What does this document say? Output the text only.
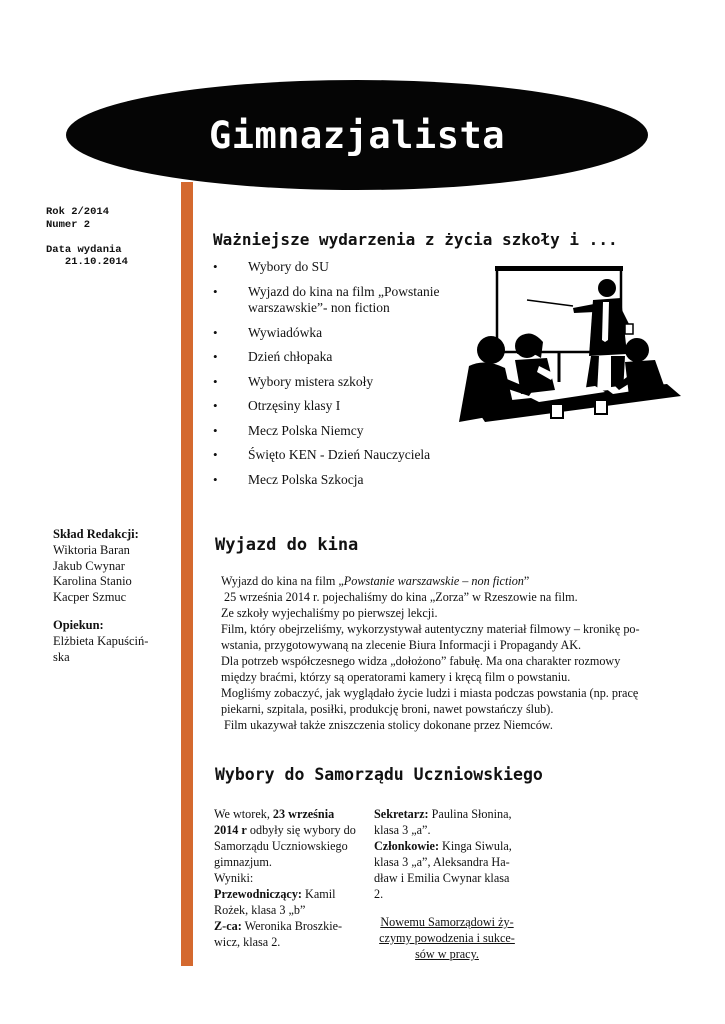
Gimnazjalista
Rok 2/2014
Numer 2

Data wydania
21.10.2014
Ważniejsze wydarzenia z życia szkoły i ...
• Wybory do SU
• Wyjazd do kina na film „Powstanie warszawskie”- non fiction
• Wywiadówka
• Dzień chłopaka
• Wybory mistera szkoły
• Otrzęsiny klasy I
• Mecz Polska Niemcy
• Święto KEN - Dzień Nauczyciela
• Mecz Polska Szkocja
Wyjazd do kina

Wyjazd do kina na film „Powstanie warszawskie – non fiction”

25 września 2014 r. pojechaliśmy do kina „Zorza” w Rzeszowie na film.

Ze szkoły wyjechaliśmy po pierwszej lekcji.

Film, który obejrzeliśmy, wykorzystywał autentyczny materiał filmowy – kronikę po-

wstania, przygotowywaną na zlecenie Biura Informacji i Propagandy AK.

Dla potrzeb współczesnego widza „dołożono” fabułę. Ma ona charakter rozmowy

między braćmi, którzy są operatorami kamery i kręcą film o powstaniu.

Mogliśmy zobaczyć, jak wyglądało życie ludzi i miasta podczas powstania (np. pracę

piekarni, szpitala, posiłki, produkcję broni, nawet powstańczy ślub).

Film ukazywał także zniszczenia stolicy dokonane przez Niemców.

Skład Redakcji:
Wiktoria Baran
Jakub Cwynar
Karolina Stanio
Kacper Szmuc
Opiekun:
Elżbieta Kapuściń-
ska
Wybory do Samorządu Uczniowskiego
We wtorek, 23 września 2014 r odbyły się wybory do Samorządu Uczniowskiego gimnazjum.
Wyniki:
Przewodniczący: Kamil Rożek, klasa 3 „b”
Z-ca: Weronika Broszkie-wicz, klasa 2.
Sekretarz: Paulina Słonina, klasa 3 „a”.
Członkowie: Kinga Siwula, klasa 3 „a”, Aleksandra Ha-dław i Emilia Cwynar klasa 2.
Nowemu Samorządowi ży-czymy powodzenia i sukce-sów w pracy.
